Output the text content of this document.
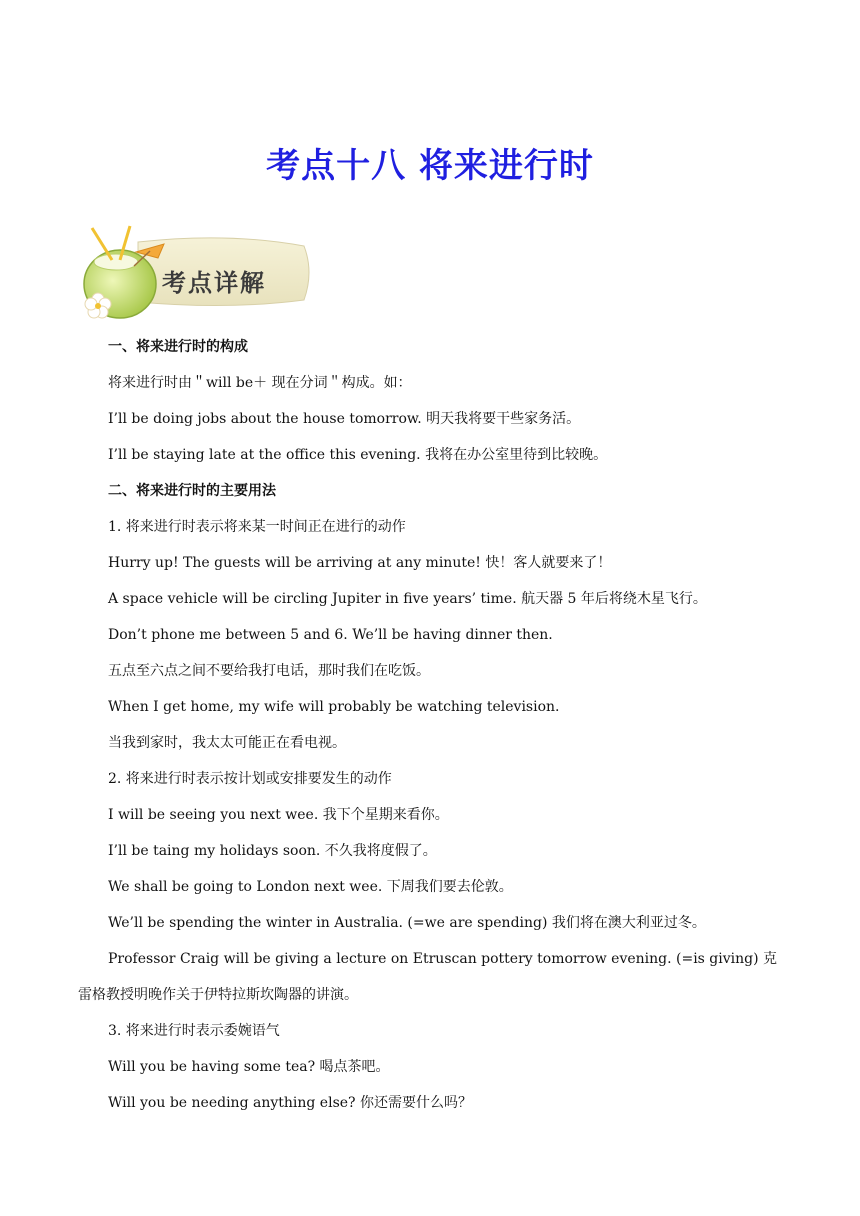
考点十八 将来进行时
考点详解
一、将来进行时的构成
将来进行时由＂will be＋ 现在分词＂构成。如：
I’ll be doing jobs about the house tomorrow. 明天我将要干些家务活。
I’ll be staying late at the office this evening. 我将在办公室里待到比较晚。
二、将来进行时的主要用法
1. 将来进行时表示将来某一时间正在进行的动作
Hurry up! The guests will be arriving at any minute! 快！客人就要来了！
A space vehicle will be circling Jupiter in five years’ time. 航天器 5 年后将绕木星飞行。
Don’t phone me between 5 and 6. We’ll be having dinner then.
五点至六点之间不要给我打电话，那时我们在吃饭。
When I get home, my wife will probably be watching television.
当我到家时，我太太可能正在看电视。
2. 将来进行时表示按计划或安排要发生的动作
I will be seeing you next wee. 我下个星期来看你。
I’ll be taing my holidays soon. 不久我将度假了。
We shall be going to London next wee. 下周我们要去伦敦。
We’ll be spending the winter in Australia. (=we are spending) 我们将在澳大利亚过冬。
Professor Craig will be giving a lecture on Etruscan pottery tomorrow evening. (=is giving) 克雷格教授明晚作关于伊特拉斯坎陶器的讲演。
3. 将来进行时表示委婉语气
Will you be having some tea? 喝点茶吧。
Will you be needing anything else? 你还需要什么吗？
